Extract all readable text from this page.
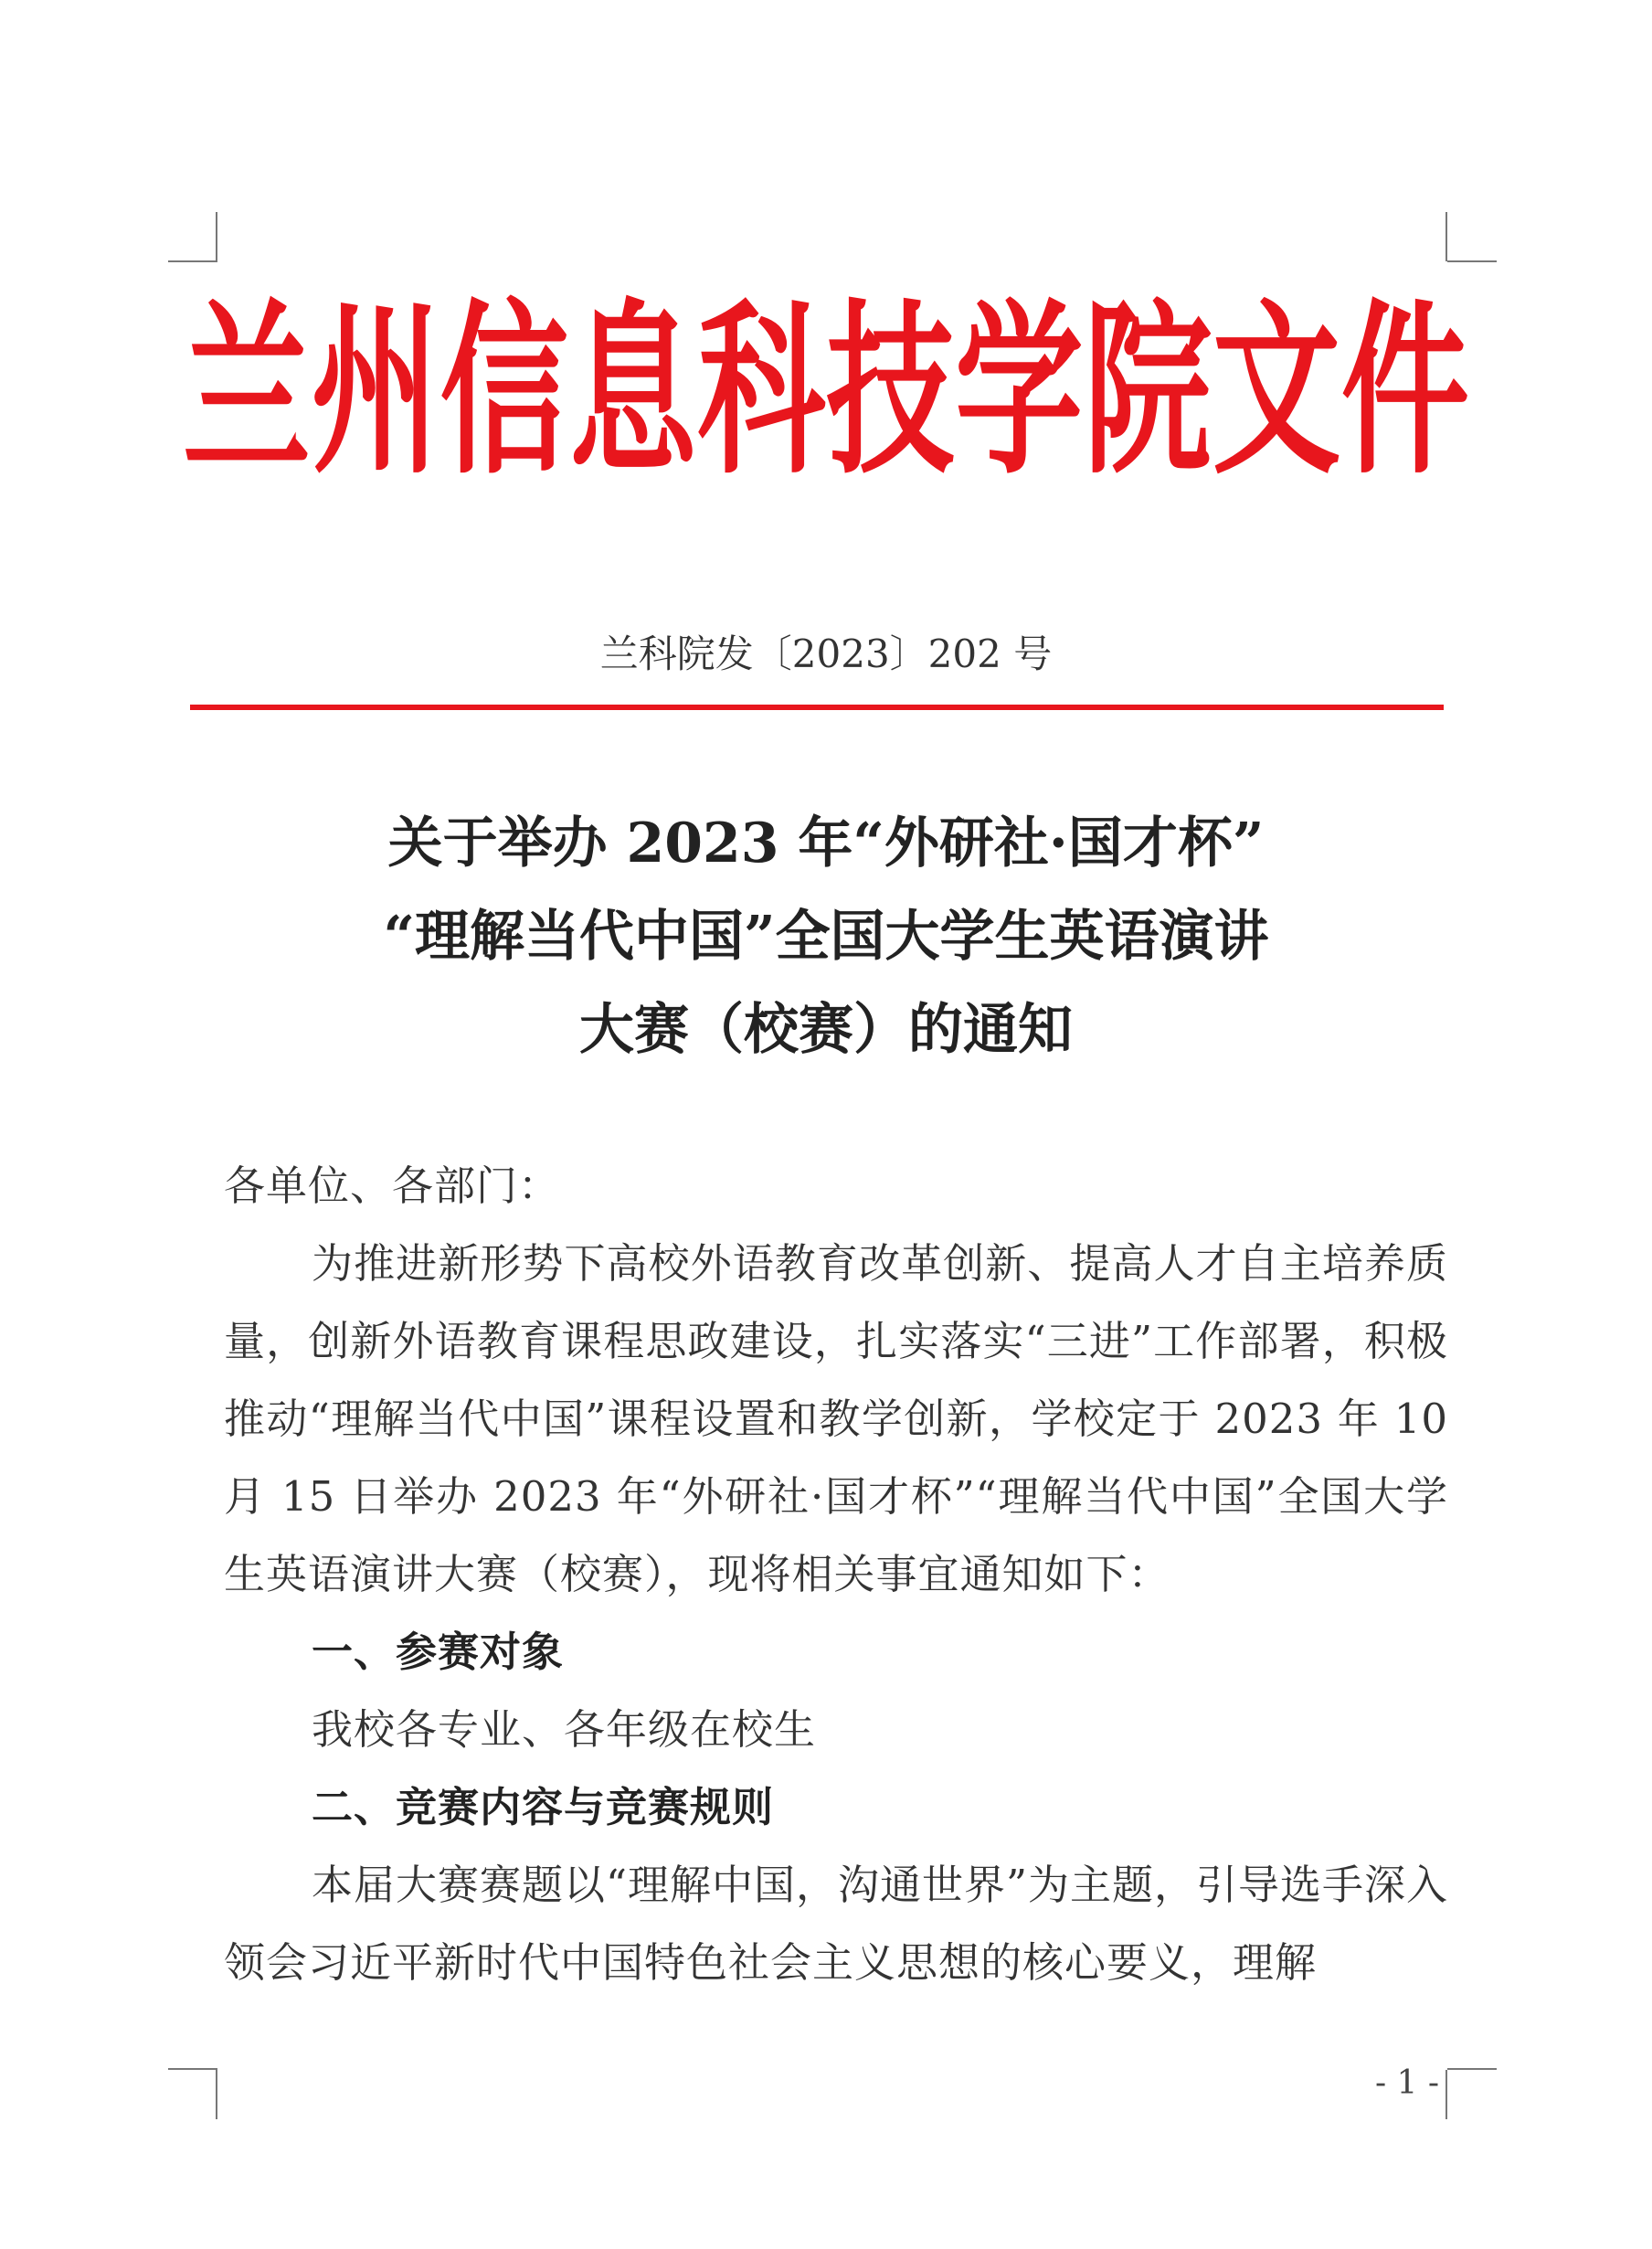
兰 州 信 息 科 技 学 院 文 件
兰科院发〔2023〕202 号
关于举办 2023 年“外研社·国才杯”
“理解当代中国”全国大学生英语演讲
大赛（校赛）的通知

各单位、各部门：

为推进新形势下高校外语教育改革创新、提高人才自主培养质量，创新外语教育课程思政建设，扎实落实“三进”工作部署，积极推动“理解当代中国”课程设置和教学创新，学校定于 2023 年 10 月 15 日举办 2023 年“外研社·国才杯”“理解当代中国”全国大学生英语演讲大赛（校赛），现将相关事宜通知如下：

一、参赛对象

我校各专业、各年级在校生

二、竞赛内容与竞赛规则

本届大赛赛题以“理解中国，沟通世界”为主题，引导选手深入领会习近平新时代中国特色社会主义思想的核心要义，理解

- 1 -
